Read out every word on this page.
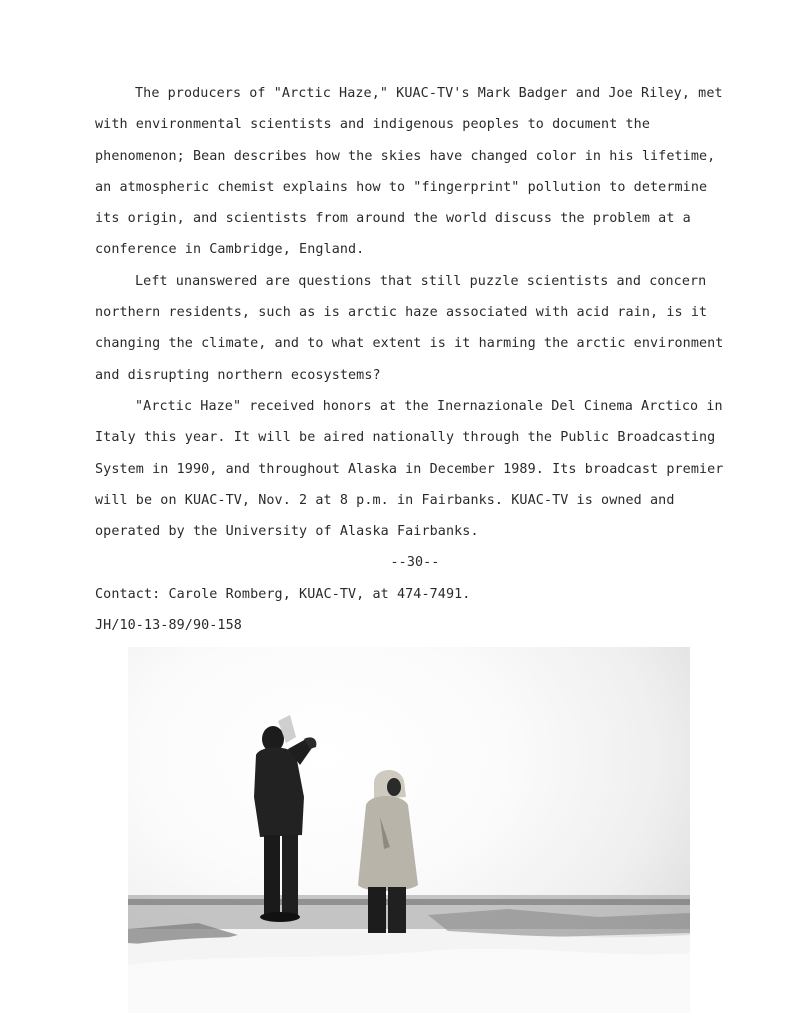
The producers of "Arctic Haze," KUAC-TV's Mark Badger and Joe Riley, met with environmental scientists and indigenous peoples to document the phenomenon; Bean describes how the skies have changed color in his lifetime, an atmospheric chemist explains how to "fingerprint" pollution to determine its origin, and scientists from around the world discuss the problem at a conference in Cambridge, England.

Left unanswered are questions that still puzzle scientists and concern northern residents, such as is arctic haze associated with acid rain, is it changing the climate, and to what extent is it harming the arctic environment and disrupting northern ecosystems?

"Arctic Haze" received honors at the Inernazionale Del Cinema Arctico in Italy this year. It will be aired nationally through the Public Broadcasting System in 1990, and throughout Alaska in December 1989. Its broadcast premier will be on KUAC-TV, Nov. 2 at 8 p.m. in Fairbanks. KUAC-TV is owned and operated by the University of Alaska Fairbanks.

--30--

Contact: Carole Romberg, KUAC-TV, at 474-7491.

JH/10-13-89/90-158
